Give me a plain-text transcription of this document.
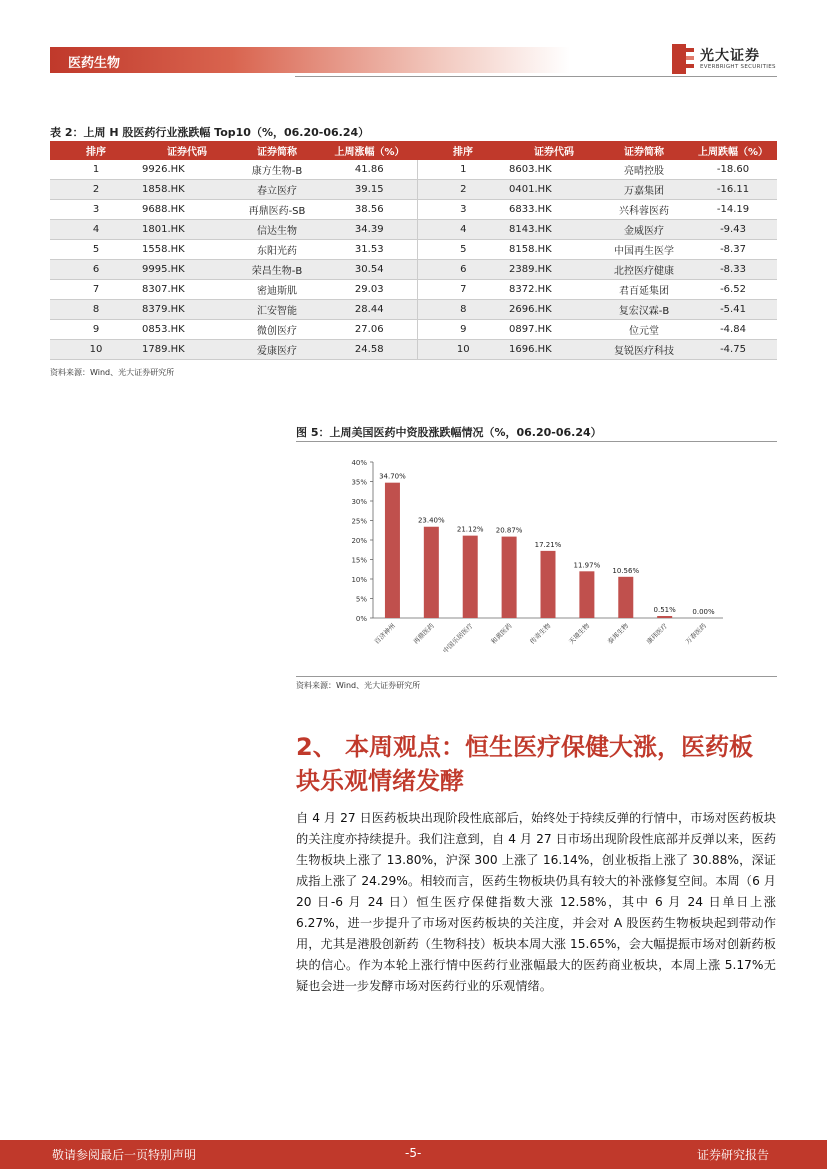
医药生物	光大证券
EVERBRIGHT SECURITIES
表 2：上周 H 股医药行业涨跌幅 Top10（%，06.20-06.24）
排序	证券代码	证券简称	上周涨幅（%）	排序	证券代码	证券简称	上周跌幅（%）
1	9926.HK	康方生物-B	41.86	1	8603.HK	亮晴控股	-18.60
2	1858.HK	春立医疗	39.15	2	0401.HK	万嘉集团	-16.11
3	9688.HK	再鼎医药-SB	38.56	3	6833.HK	兴科蓉医药	-14.19
4	1801.HK	信达生物	34.39	4	8143.HK	金威医疗	-9.43
5	1558.HK	东阳光药	31.53	5	8158.HK	中国再生医学	-8.37
6	9995.HK	荣昌生物-B	30.54	6	2389.HK	北控医疗健康	-8.33
7	8307.HK	密迪斯肌	29.03	7	8372.HK	君百延集团	-6.52
8	8379.HK	汇安智能	28.44	8	2696.HK	复宏汉霖-B	-5.41
9	0853.HK	微创医疗	27.06	9	0897.HK	位元堂	-4.84
10	1789.HK	爱康医疗	24.58	10	1696.HK	复锐医疗科技	-4.75
资料来源：Wind、光大证券研究所
图 5：上周美国医药中资股涨跌幅情况（%，06.20-06.24）
0%
5%
10%
15%
20%
25%
30%
35%
40%
34.70%
百济神州
23.40%
再鼎医药
21.12%
中国乐居医疗
20.87%
和黄医药
17.21%
传奇生物
11.97%
天境生物
10.56%
泰邦生物
0.51%
康玮医疗
0.00%
万春医药
资料来源：Wind、光大证券研究所
2、 本周观点：恒生医疗保健大涨，医药板块乐观情绪发酵
自 4 月 27 日医药板块出现阶段性底部后，始终处于持续反弹的行情中，市场对医药板块的关注度亦持续提升。我们注意到，自 4 月 27 日市场出现阶段性底部并反弹以来，医药生物板块上涨了 13.80%，沪深 300 上涨了 16.14%，创业板指上涨了 30.88%，深证成指上涨了 24.29%。相较而言，医药生物板块仍具有较大的补涨修复空间。本周（6 月 20 日-6 月 24 日）恒生医疗保健指数大涨 12.58%，其中 6 月 24 日单日上涨 6.27%，进一步提升了市场对医药板块的关注度，并会对 A 股医药生物板块起到带动作用，尤其是港股创新药（生物科技）板块本周大涨 15.65%，会大幅提振市场对创新药板块的信心。作为本轮上涨行情中医药行业涨幅最大的医药商业板块，本周上涨 5.17%无疑也会进一步发酵市场对医药行业的乐观情绪。
敬请参阅最后一页特别声明	-5-	证券研究报告
